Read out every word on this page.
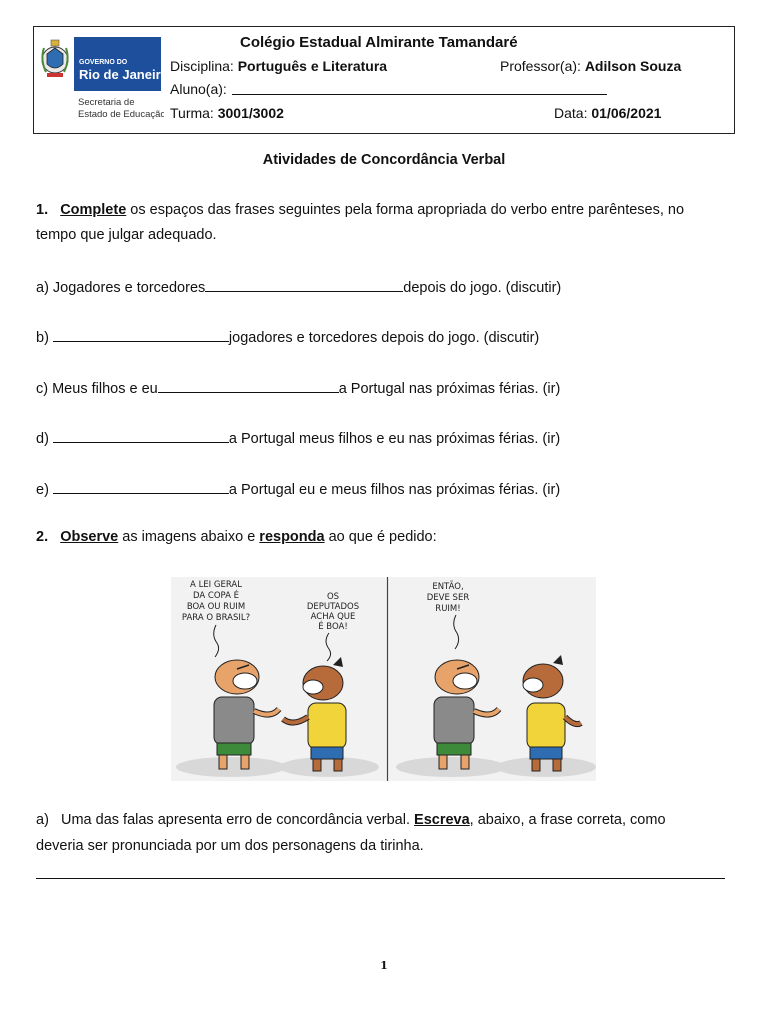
GOVERNO DO
Rio de Janeiro
Secretaria de
Estado de Educação
Colégio Estadual Almirante Tamandaré
Disciplina: Português e Literatura	Professor(a): Adilson Souza
Aluno(a):
Turma: 3001/3002	Data: 01/06/2021
Atividades de Concordância Verbal
1. Complete os espaços das frases seguintes pela forma apropriada do verbo entre parênteses, no
tempo que julgar adequado.
a) Jogadores e torcedores	depois do jogo. (discutir)
b)	jogadores e torcedores depois do jogo. (discutir)
c) Meus filhos e eu	a Portugal nas próximas férias. (ir)
d)	a Portugal meus filhos e eu nas próximas férias. (ir)
e)	a Portugal eu e meus filhos nas próximas férias. (ir)
2. Observe as imagens abaixo e responda ao que é pedido:
A LEI GERAL
DA COPA É
BOA OU RUIM
PARA O BRASIL?
OS
DEPUTADOS
ACHA QUE
É BOA!
ENTÃO,
DEVE SER
RUIM!
a) Uma das falas apresenta erro de concordância verbal. Escreva, abaixo, a frase correta, como
deveria ser pronunciada por um dos personagens da tirinha.
1
